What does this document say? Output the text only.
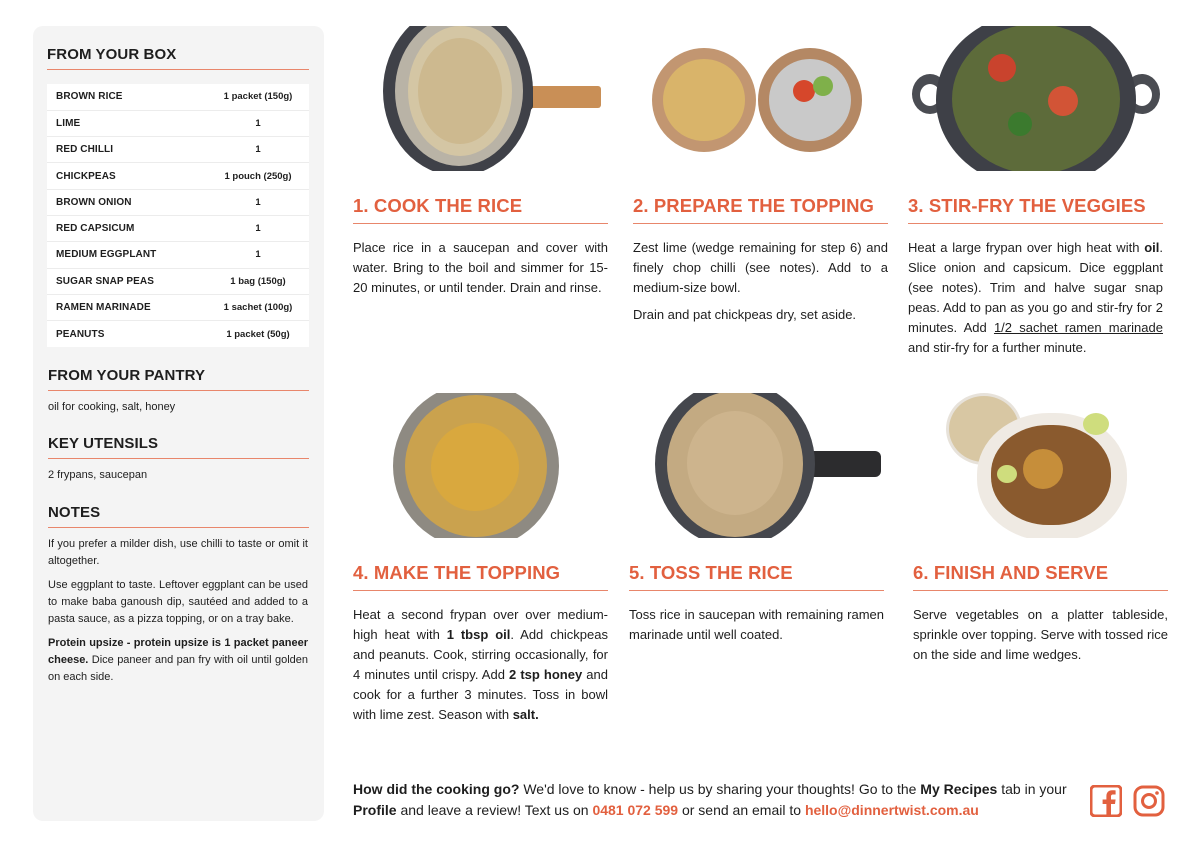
FROM YOUR BOX
BROWN RICE	1 packet (150g)
LIME	1
RED CHILLI	1
CHICKPEAS	1 pouch (250g)
BROWN ONION	1
RED CAPSICUM	1
MEDIUM EGGPLANT	1
SUGAR SNAP PEAS	1 bag (150g)
RAMEN MARINADE	1 sachet (100g)
PEANUTS	1 packet (50g)
FROM YOUR PANTRY
oil for cooking, salt, honey
KEY UTENSILS
2 frypans, saucepan
NOTES

If you prefer a milder dish, use chilli to taste or omit it altogether.

Use eggplant to taste. Leftover eggplant can be used to make baba ganoush dip, sautéed and added to a pasta sauce, as a pizza topping, or on a tray bake.

Protein upsize - protein upsize is 1 packet paneer cheese. Dice paneer and pan fry with oil until golden on each side.

1. COOK THE RICE

Place rice in a saucepan and cover with water. Bring to the boil and simmer for 15-20 minutes, or until tender. Drain and rinse.

2. PREPARE THE TOPPING

Zest lime (wedge remaining for step 6) and finely chop chilli (see notes). Add to a medium-size bowl.

Drain and pat chickpeas dry, set aside.

3. STIR-FRY THE VEGGIES

Heat a large frypan over high heat with oil. Slice onion and capsicum. Dice eggplant (see notes). Trim and halve sugar snap peas. Add to pan as you go and stir-fry for 2 minutes. Add 1/2 sachet ramen marinade and stir-fry for a further minute.

4. MAKE THE TOPPING

Heat a second frypan over over medium-high heat with 1 tbsp oil. Add chickpeas and peanuts. Cook, stirring occasionally, for 4 minutes until crispy. Add 2 tsp honey and cook for a further 3 minutes. Toss in bowl with lime zest. Season with salt.

5. TOSS THE RICE

Toss rice in saucepan with remaining ramen marinade until well coated.

6. FINISH AND SERVE

Serve vegetables on a platter tableside, sprinkle over topping. Serve with tossed rice on the side and lime wedges.

How did the cooking go? We'd love to know - help us by sharing your thoughts! Go to the My Recipes tab in your Profile and leave a review! Text us on 0481 072 599 or send an email to hello@dinnertwist.com.au
